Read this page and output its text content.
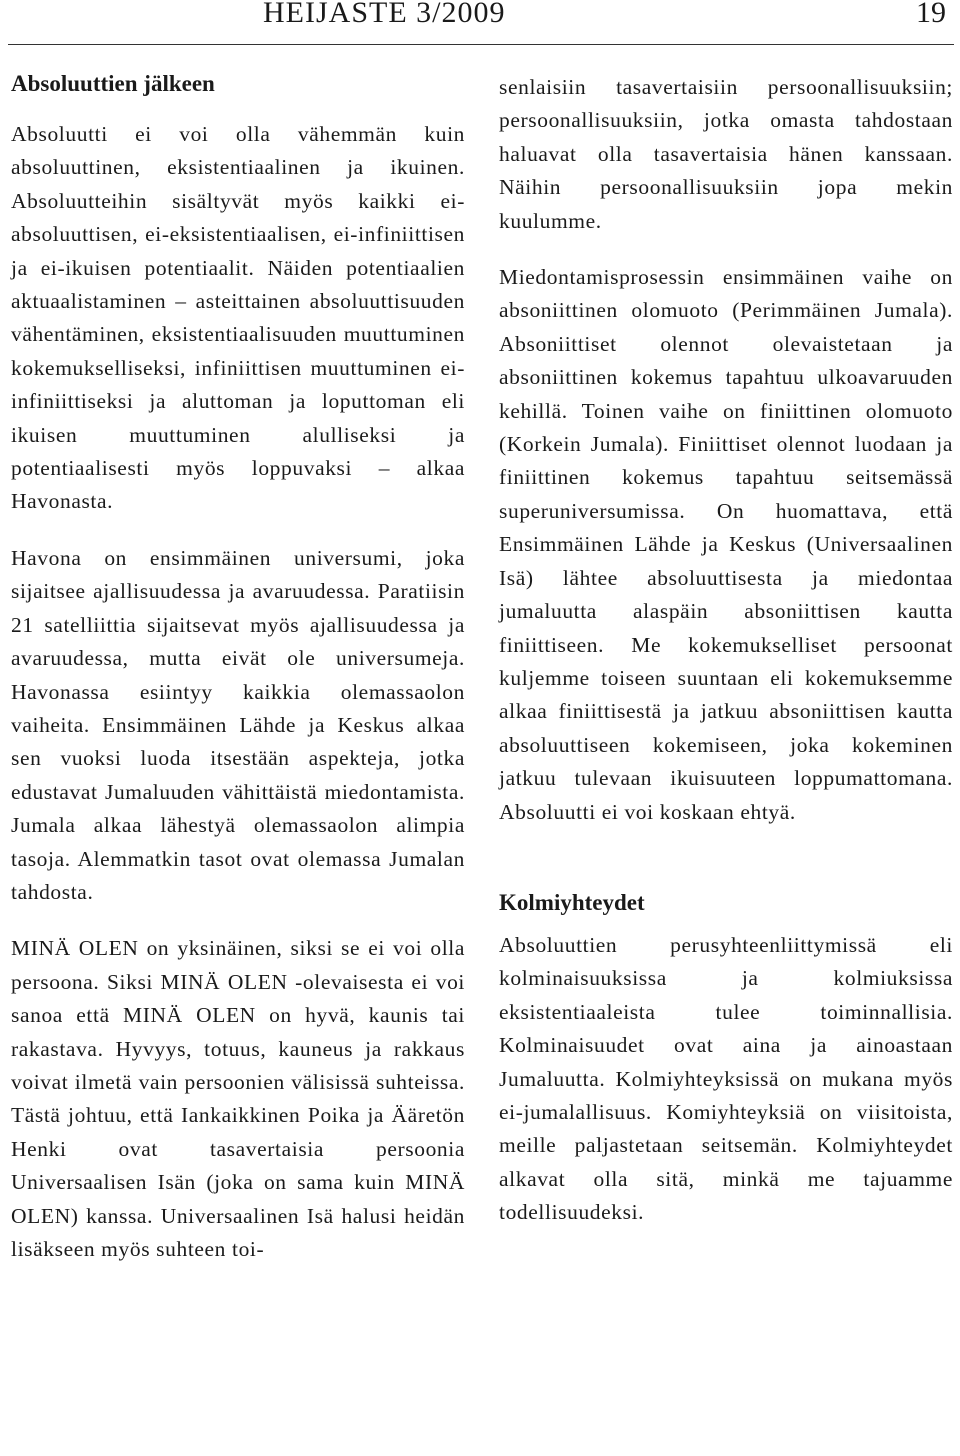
HEIJASTE 3/2009	19
Absoluuttien jälkeen

Absoluutti ei voi olla vähemmän kuin absoluuttinen, eksistentiaalinen ja ikuinen. Absoluutteihin sisältyvät myös kaikki ei-absoluuttisen, ei-eksistentiaalisen, ei-infiniittisen ja ei-ikuisen potentiaalit. Näiden potentiaalien aktuaalistaminen – asteittainen absoluuttisuuden vähentäminen, eksistentiaalisuuden muuttuminen kokemukselliseksi, infiniittisen muuttuminen ei-infiniittiseksi ja aluttoman ja loputtoman eli ikuisen muuttuminen alulliseksi ja potentiaalisesti myös loppuvaksi – alkaa Havonasta.

Havona on ensimmäinen universumi, joka sijaitsee ajallisuudessa ja avaruudessa. Paratiisin 21 satelliittia sijaitsevat myös ajallisuudessa ja avaruudessa, mutta eivät ole universumeja. Havonassa esiintyy kaikkia olemassaolon vaiheita. Ensimmäinen Lähde ja Keskus alkaa sen vuoksi luoda itsestään aspekteja, jotka edustavat Jumaluuden vähittäistä miedontamista. Jumala alkaa lähestyä olemassaolon alimpia tasoja. Alemmatkin tasot ovat olemassa Jumalan tahdosta.

MINÄ OLEN on yksinäinen, siksi se ei voi olla persoona. Siksi MINÄ OLEN -olevaisesta ei voi sanoa että MINÄ OLEN on hyvä, kaunis tai rakastava. Hyvyys, totuus, kauneus ja rakkaus voivat ilmetä vain persoonien välisissä suhteissa. Tästä johtuu, että Iankaikkinen Poika ja Ääretön Henki ovat tasavertaisia persoonia Universaalisen Isän (joka on sama kuin MINÄ OLEN) kanssa. Universaalinen Isä halusi heidän lisäkseen myös suhteen toi-

senlaisiin tasavertaisiin persoonallisuuksiin; persoonallisuuksiin, jotka omasta tahdostaan haluavat olla tasavertaisia hänen kanssaan. Näihin persoonallisuuksiin jopa mekin kuulumme.

Miedontamisprosessin ensimmäinen vaihe on absoniittinen olomuoto (Perimmäinen Jumala). Absoniittiset olennot olevaistetaan ja absoniittinen kokemus tapahtuu ulkoavaruuden kehillä. Toinen vaihe on finiittinen olomuoto (Korkein Jumala). Finiittiset olennot luodaan ja finiittinen kokemus tapahtuu seitsemässä superuniversumissa. On huomattava, että Ensimmäinen Lähde ja Keskus (Universaalinen Isä) lähtee absoluuttisesta ja miedontaa jumaluutta alaspäin absoniittisen kautta finiittiseen. Me kokemukselliset persoonat kuljemme toiseen suuntaan eli kokemuksemme alkaa finiittisestä ja jatkuu absoniittisen kautta absoluuttiseen kokemiseen, joka kokeminen jatkuu tulevaan ikuisuuteen loppumattomana. Absoluutti ei voi koskaan ehtyä.

Kolmiyhteydet

Absoluuttien perusyhteenliittymissä eli kolminaisuuksissa ja kolmiuksissa eksistentiaaleista tulee toiminnallisia. Kolminaisuudet ovat aina ja ainoastaan Jumaluutta. Kolmiyhteyksissä on mukana myös ei-jumalallisuus. Komiyhteyksiä on viisitoista, meille paljastetaan seitsemän. Kolmiyhteydet alkavat olla sitä, minkä me tajuamme todellisuudeksi.
